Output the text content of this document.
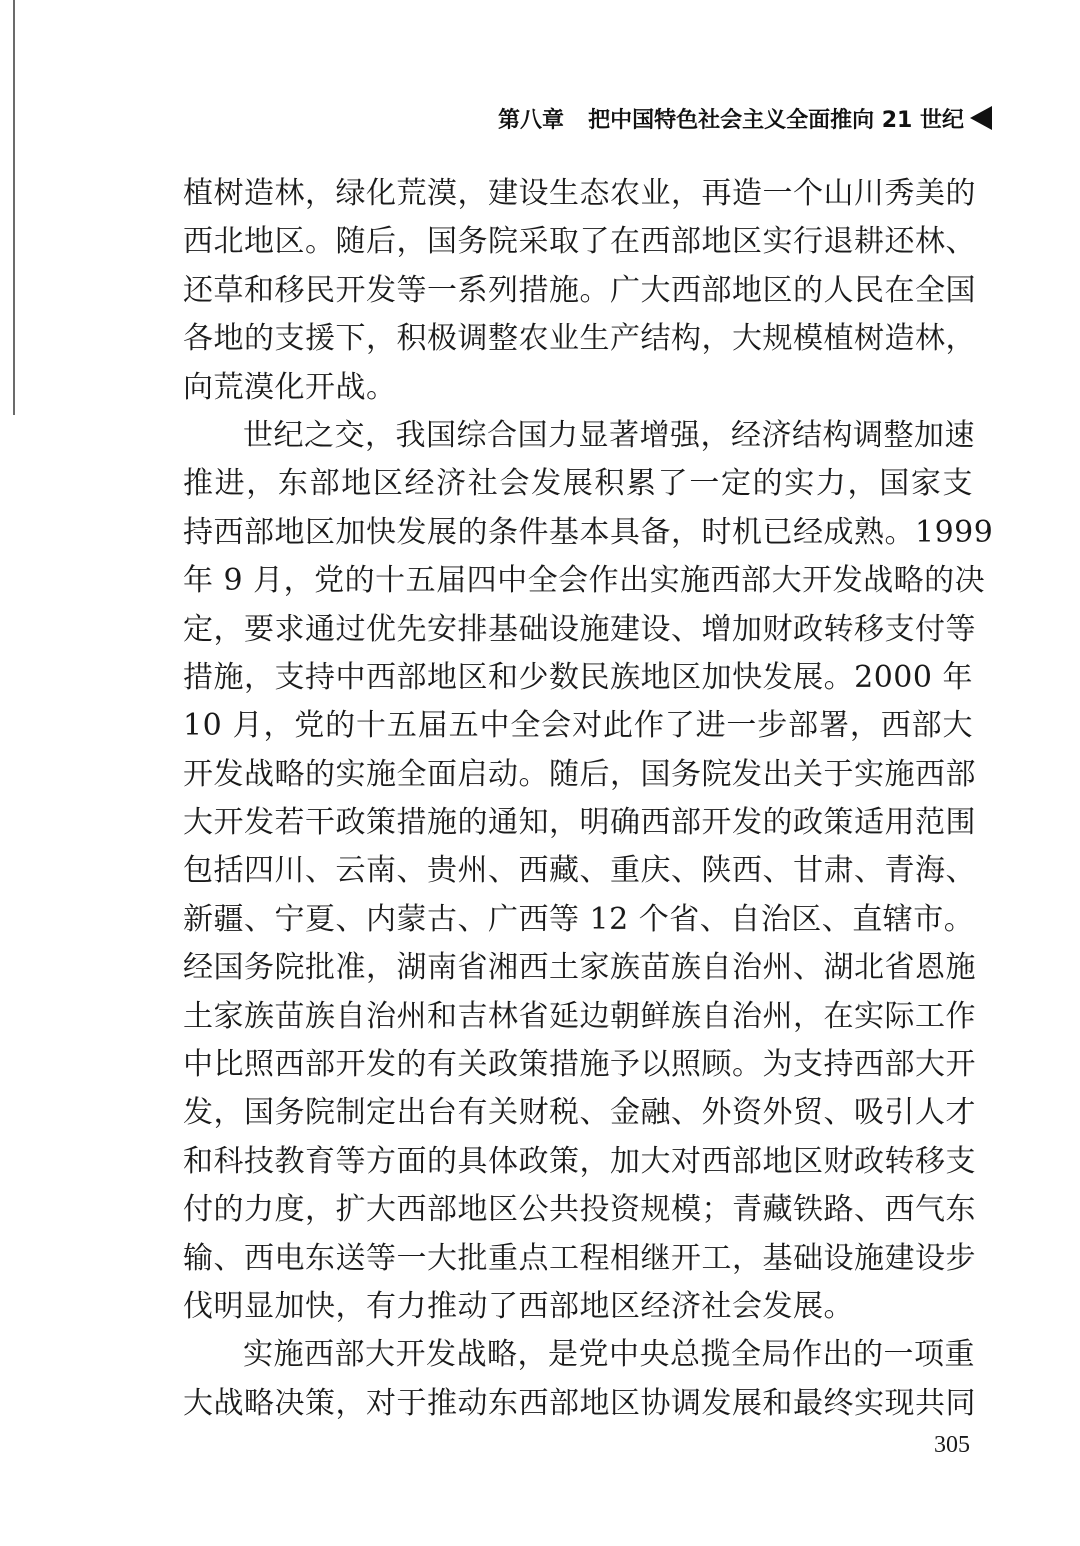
第八章 把中国特色社会主义全面推向 21 世纪
植树造林，绿化荒漠，建设生态农业，再造一个山川秀美的
西北地区。随后，国务院采取了在西部地区实行退耕还林、
还草和移民开发等一系列措施。广大西部地区的人民在全国
各地的支援下，积极调整农业生产结构，大规模植树造林，
向荒漠化开战。
世纪之交，我国综合国力显著增强，经济结构调整加速
推进，东部地区经济社会发展积累了一定的实力，国家支
持西部地区加快发展的条件基本具备，时机已经成熟。1999
年 9 月，党的十五届四中全会作出实施西部大开发战略的决
定，要求通过优先安排基础设施建设、增加财政转移支付等
措施，支持中西部地区和少数民族地区加快发展。2000 年
10 月，党的十五届五中全会对此作了进一步部署，西部大
开发战略的实施全面启动。随后，国务院发出关于实施西部
大开发若干政策措施的通知，明确西部开发的政策适用范围
包括四川、云南、贵州、西藏、重庆、陕西、甘肃、青海、
新疆、宁夏、内蒙古、广西等 12 个省、自治区、直辖市。
经国务院批准，湖南省湘西土家族苗族自治州、湖北省恩施
土家族苗族自治州和吉林省延边朝鲜族自治州，在实际工作
中比照西部开发的有关政策措施予以照顾。为支持西部大开
发，国务院制定出台有关财税、金融、外资外贸、吸引人才
和科技教育等方面的具体政策，加大对西部地区财政转移支
付的力度，扩大西部地区公共投资规模；青藏铁路、西气东
输、西电东送等一大批重点工程相继开工，基础设施建设步
伐明显加快，有力推动了西部地区经济社会发展。
实施西部大开发战略，是党中央总揽全局作出的一项重
大战略决策，对于推动东西部地区协调发展和最终实现共同
305
